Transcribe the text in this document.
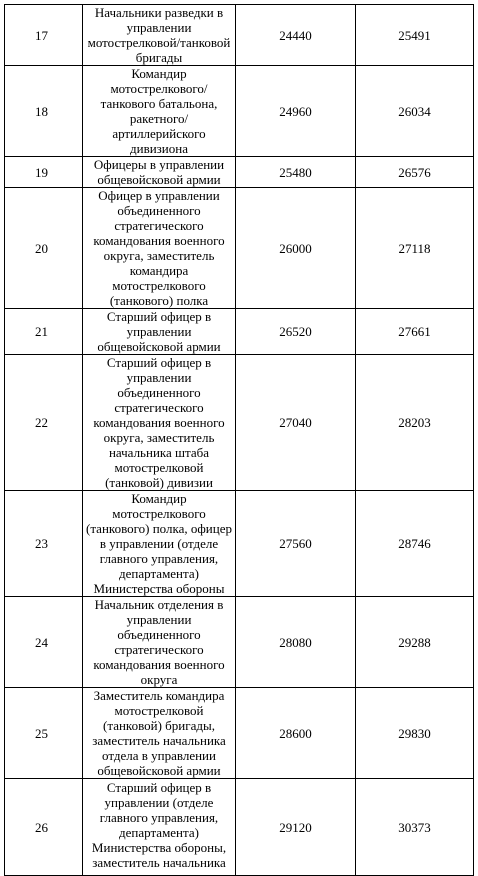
17	Начальники разведки в управлении мотострелковой/танковой бригады	24440	25491
18	Командир мотострелкового/танкового батальона, ракетного/артиллерийского дивизиона	24960	26034
19	Офицеры в управлении общевойсковой армии	25480	26576
20	Офицер в управлении объединенного стратегического командования военного округа, заместитель командира мотострелкового (танкового) полка	26000	27118
21	Старший офицер в управлении общевойсковой армии	26520	27661
22	Старший офицер в управлении объединенного стратегического командования военного округа, заместитель начальника штаба мотострелковой (танковой) дивизии	27040	28203
23	Командир мотострелкового (танкового) полка, офицер в управлении (отделе главного управления, департамента) Министерства обороны	27560	28746
24	Начальник отделения в управлении объединенного стратегического командования военного округа	28080	29288
25	Заместитель командира мотострелковой (танковой) бригады, заместитель начальника отдела в управлении общевойсковой армии	28600	29830
26	Старший офицер в управлении (отделе главного управления, департамента) Министерства обороны, заместитель начальника	29120	30373
